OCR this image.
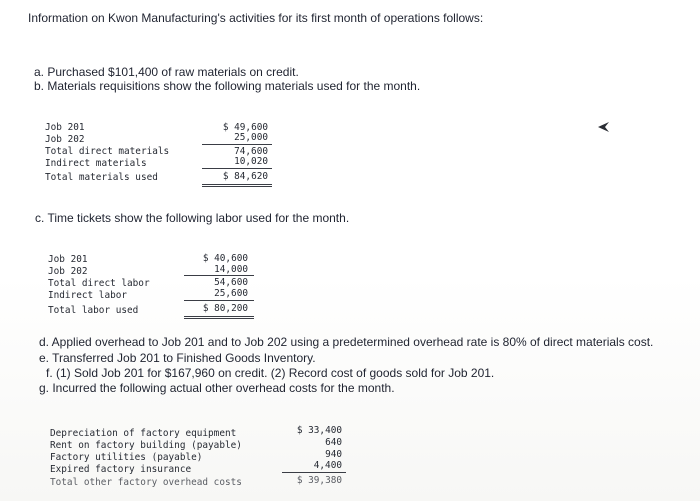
Information on Kwon Manufacturing's activities for its first month of operations follows:
a. Purchased $101,400 of raw materials on credit.
b. Materials requisitions show the following materials used for the month.
Job 201
Job 202
Total direct materials
Indirect materials
Total materials used
$ 49,600
25,000
74,600
10,020
$ 84,620
c. Time tickets show the following labor used for the month.
Job 201
Job 202
Total direct labor
Indirect labor
Total labor used
$ 40,600
14,000
54,600
25,600
$ 80,200
d. Applied overhead to Job 201 and to Job 202 using a predetermined overhead rate is 80% of direct materials cost.
e. Transferred Job 201 to Finished Goods Inventory.
f. (1) Sold Job 201 for $167,960 on credit. (2) Record cost of goods sold for Job 201.
g. Incurred the following actual other overhead costs for the month.
Depreciation of factory equipment
Rent on factory building (payable)
Factory utilities (payable)
Expired factory insurance
Total other factory overhead costs
$ 33,400
640
940
4,400
$ 39,380
